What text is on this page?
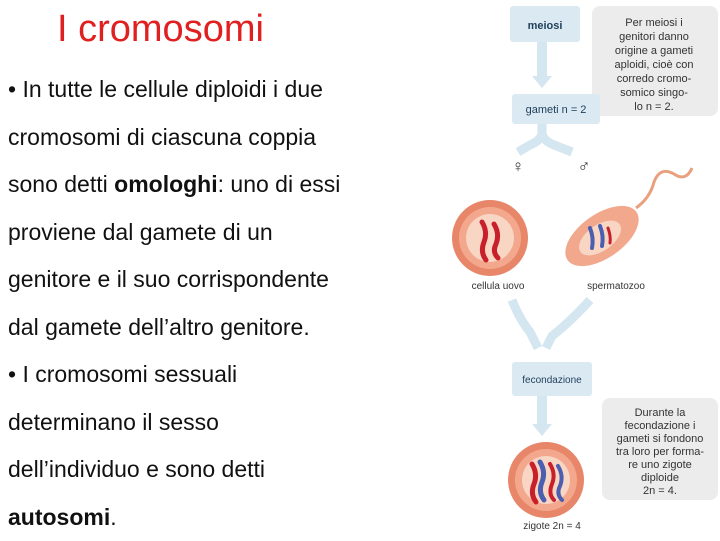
I cromosomi

• In tutte le cellule diploidi i due

cromosomi di ciascuna coppia

sono detti omologhi: uno di essi

proviene dal gamete di un

genitore e il suo corrispondente

dal gamete dell’altro genitore.

• I cromosomi sessuali

determinano il sesso

dell’individuo e sono detti

autosomi.

meiosi	Per meiosi i
genitori danno
origine a gameti
aploidi, cioè con
corredo cromo-
somico singo-
lo n = 2.
gameti n = 2
♀	♂
cellula uovo	spermatozoo
fecondazione
Durante la
fecondazione i
gameti si fondono
tra loro per forma-
re uno zigote
diploide
2n = 4.
zigote 2n = 4
